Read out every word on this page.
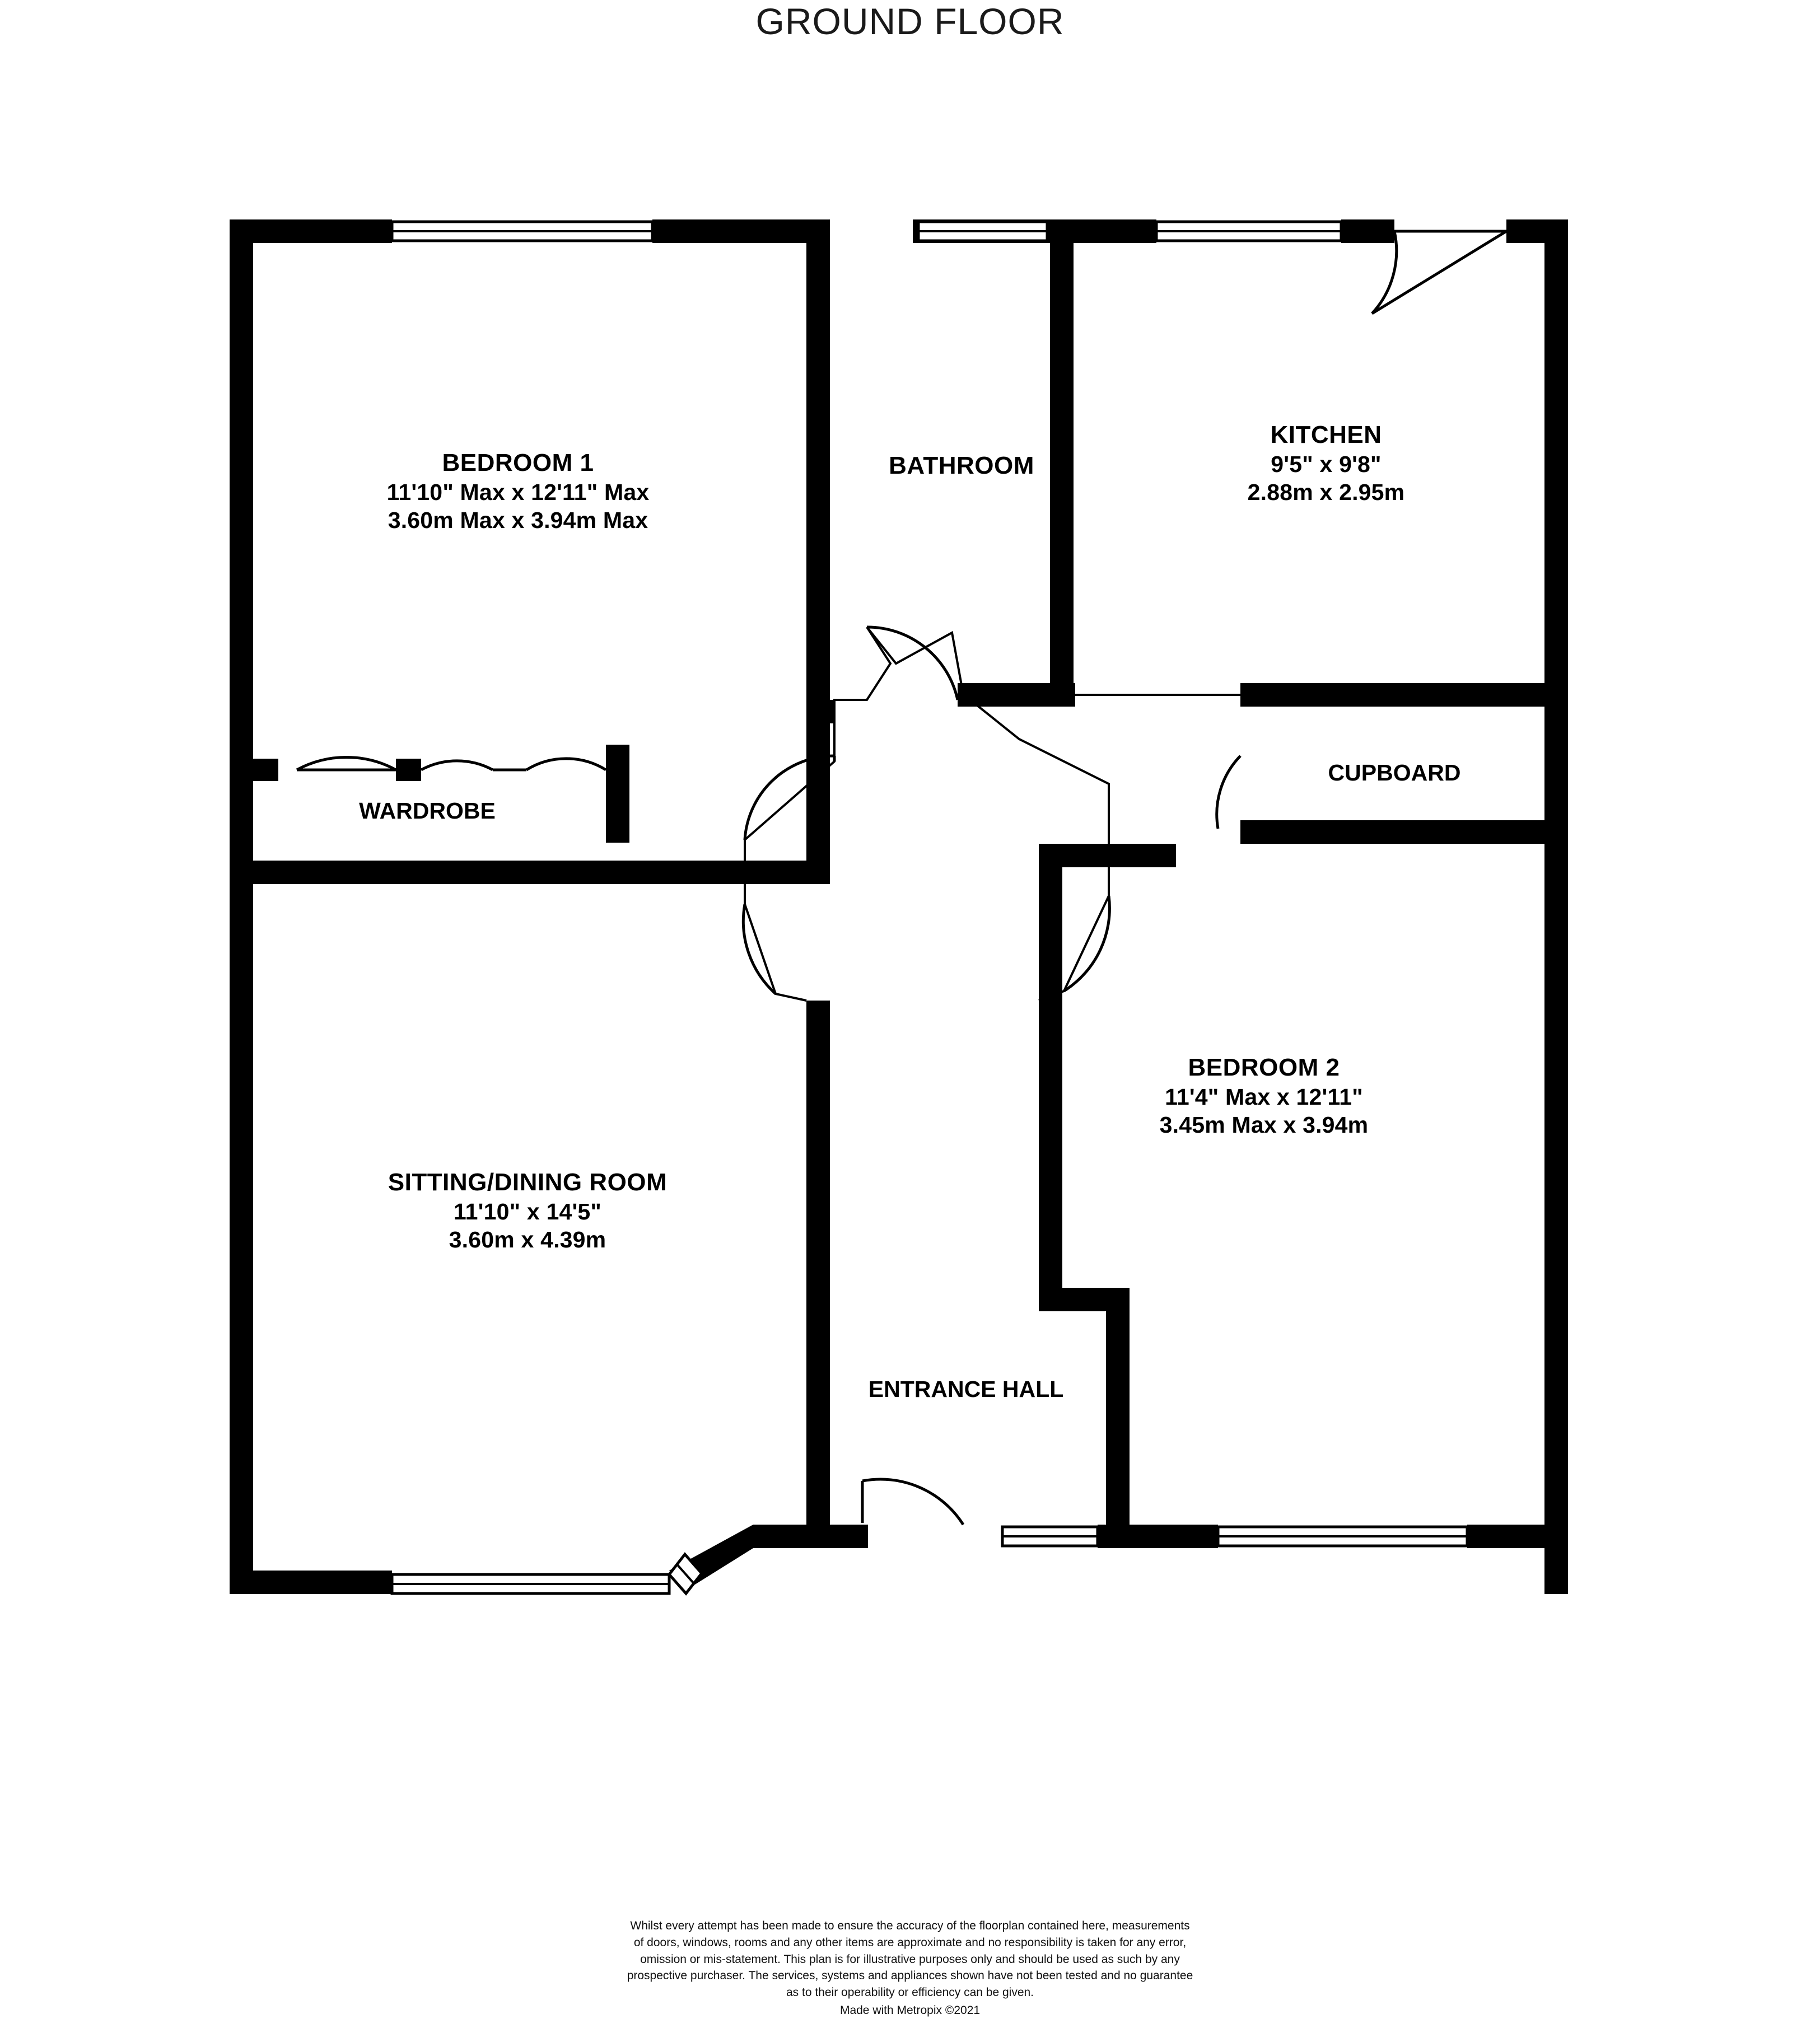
GROUND FLOOR
BEDROOM 1
11'10" Max x 12'11" Max
3.60m Max x 3.94m Max
BATHROOM
KITCHEN
9'5" x 9'8"
2.88m x 2.95m
SITTING/DINING ROOM
11'10" x 14'5"
3.60m x 4.39m
BEDROOM 2
11'4" Max x 12'11"
3.45m Max x 3.94m
WARDROBE
CUPBOARD
ENTRANCE HALL
Whilst every attempt has been made to ensure the accuracy of the floorplan contained here, measurements
of doors, windows, rooms and any other items are approximate and no responsibility is taken for any error,
omission or mis-statement. This plan is for illustrative purposes only and should be used as such by any
prospective purchaser. The services, systems and appliances shown have not been tested and no guarantee
as to their operability or efficiency can be given.
Made with Metropix ©2021
